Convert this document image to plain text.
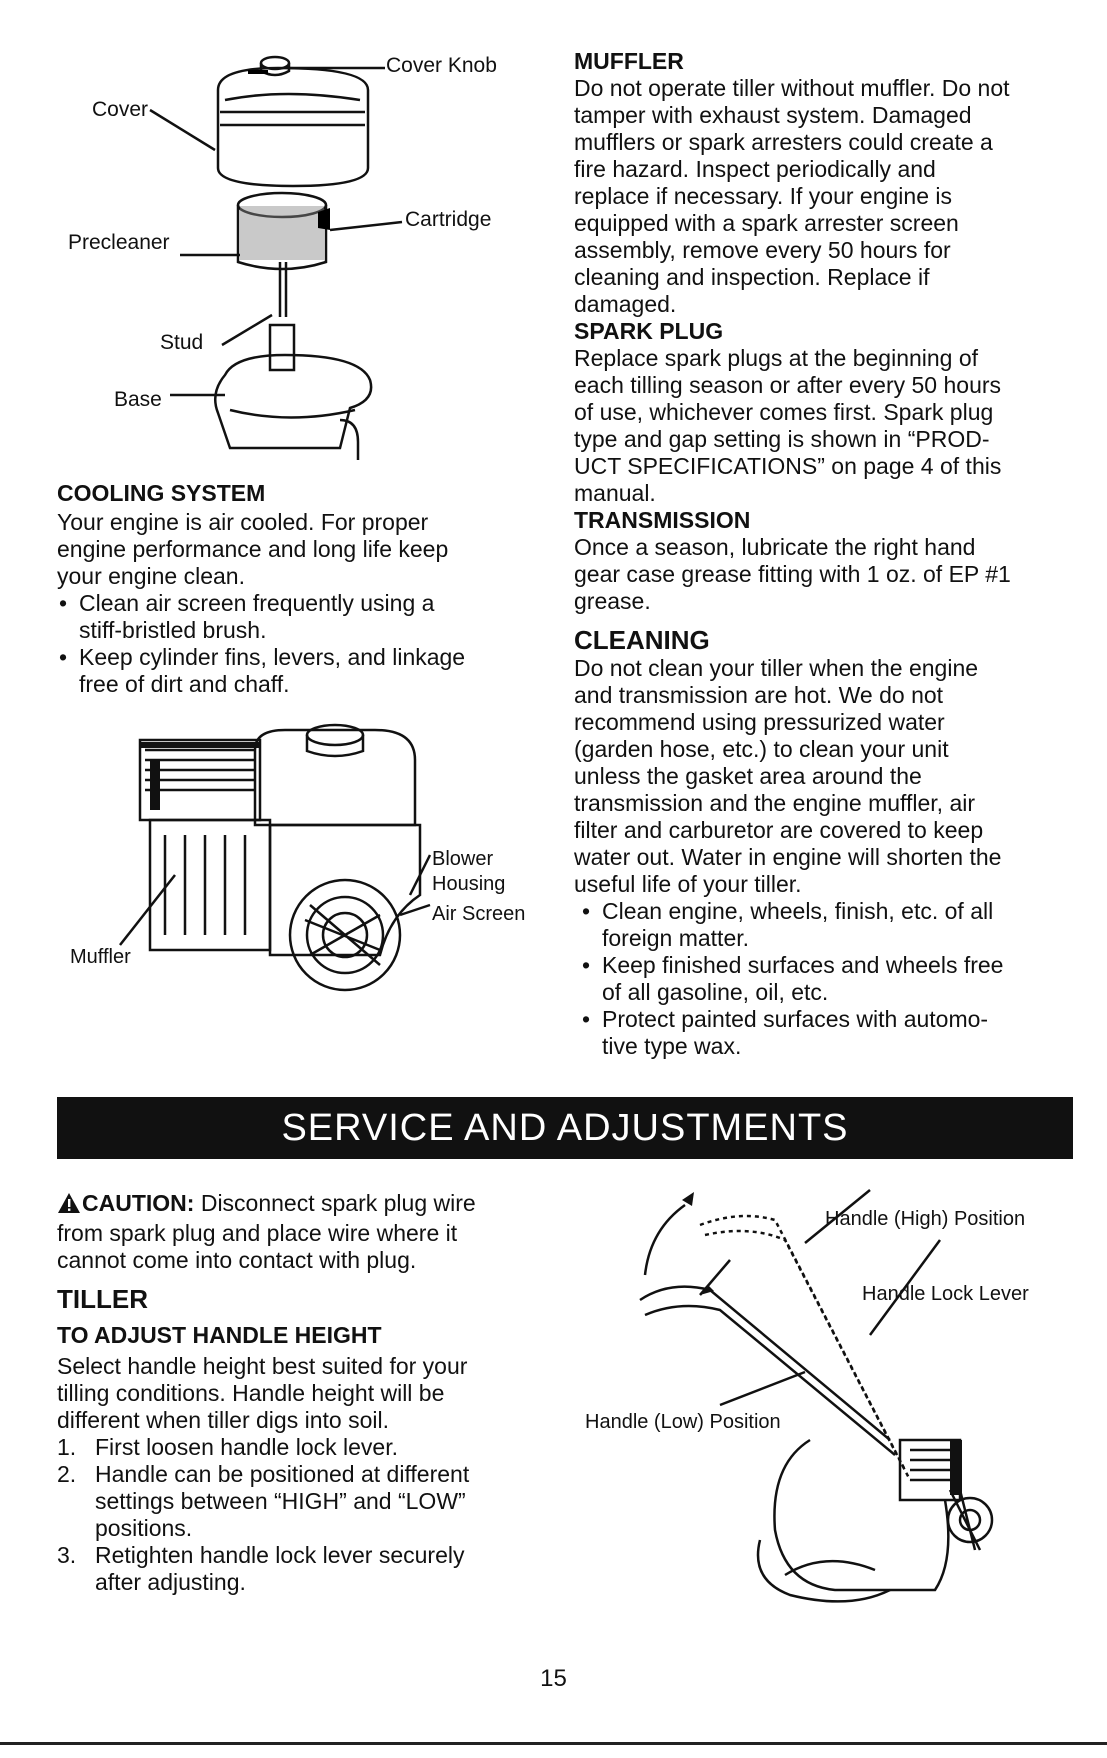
Cover Knob
Cover
Cartridge
Precleaner
Stud
Base
COOLING SYSTEM

Your engine is air cooled. For proper
engine performance and long life keep
your engine clean.

• Clean air screen frequently using a
stiff-bristled brush.
• Keep cylinder fins, levers, and linkage
free of dirt and chaff.
Blower
Housing
Air Screen
Muffler
MUFFLER

Do not operate tiller without muffler. Do not
tamper with exhaust system. Damaged
mufflers or spark arresters could create a
fire hazard. Inspect periodically and
replace if necessary. If your engine is
equipped with a spark arrester screen
assembly, remove every 50 hours for
cleaning and inspection. Replace if
damaged.

SPARK PLUG

Replace spark plugs at the beginning of
each tilling season or after every 50 hours
of use, whichever comes first. Spark plug
type and gap setting is shown in “PROD-
UCT SPECIFICATIONS” on page 4 of this
manual.

TRANSMISSION

Once a season, lubricate the right hand
gear case grease fitting with 1 oz. of EP #1
grease.

CLEANING

Do not clean your tiller when the engine
and transmission are hot. We do not
recommend using pressurized water
(garden hose, etc.) to clean your unit
unless the gasket area around the
transmission and the engine muffler, air
filter and carburetor are covered to keep
water out. Water in engine will shorten the
useful life of your tiller.

• Clean engine, wheels, finish, etc. of all
foreign matter.
• Keep finished surfaces and wheels free
of all gasoline, oil, etc.
• Protect painted surfaces with automo-
tive type wax.
SERVICE AND ADJUSTMENTS

CAUTION: Disconnect spark plug wire
from spark plug and place wire where it
cannot come into contact with plug.

TILLER
TO ADJUST HANDLE HEIGHT

Select handle height best suited for your
tilling conditions. Handle height will be
different when tiller digs into soil.

1. First loosen handle lock lever.
2. Handle can be positioned at different
settings between “HIGH” and “LOW”
positions.
3. Retighten handle lock lever securely
after adjusting.
Handle (High) Position
Handle Lock Lever
Handle (Low) Position
15
